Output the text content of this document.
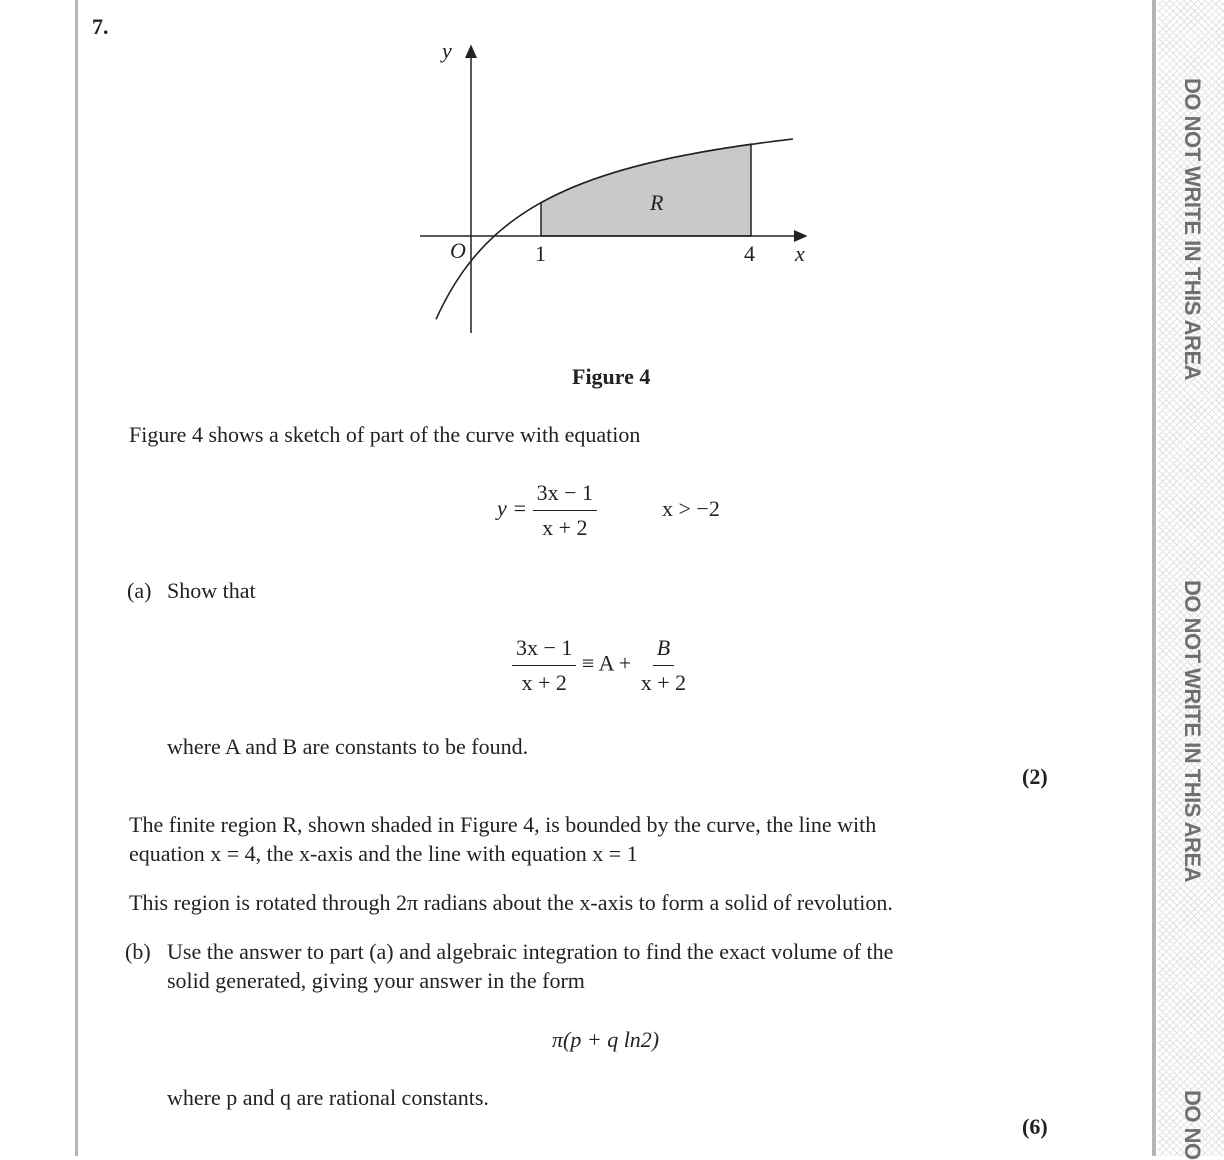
DO NOT WRITE IN THIS AREA
DO NOT WRITE IN THIS AREA
DO NO
7.
y
x
O	1	4
R
Figure 4
Figure 4 shows a sketch of part of the curve with equation
$y = \frac{3x - 1}{x + 2}$	x > −2
(a) Show that
$\frac{3x - 1}{x + 2} \equiv A + \frac{B}{x + 2}$
where A and B are constants to be found.
(2)
The finite region R, shown shaded in Figure 4, is bounded by the curve, the line with
equation x = 4, the x-axis and the line with equation x = 1
This region is rotated through 2π radians about the x-axis to form a solid of revolution.
(b) Use the answer to part (a) and algebraic integration to find the exact volume of the
solid generated, giving your answer in the form
π(p + q ln2)
where p and q are rational constants.
(6)
